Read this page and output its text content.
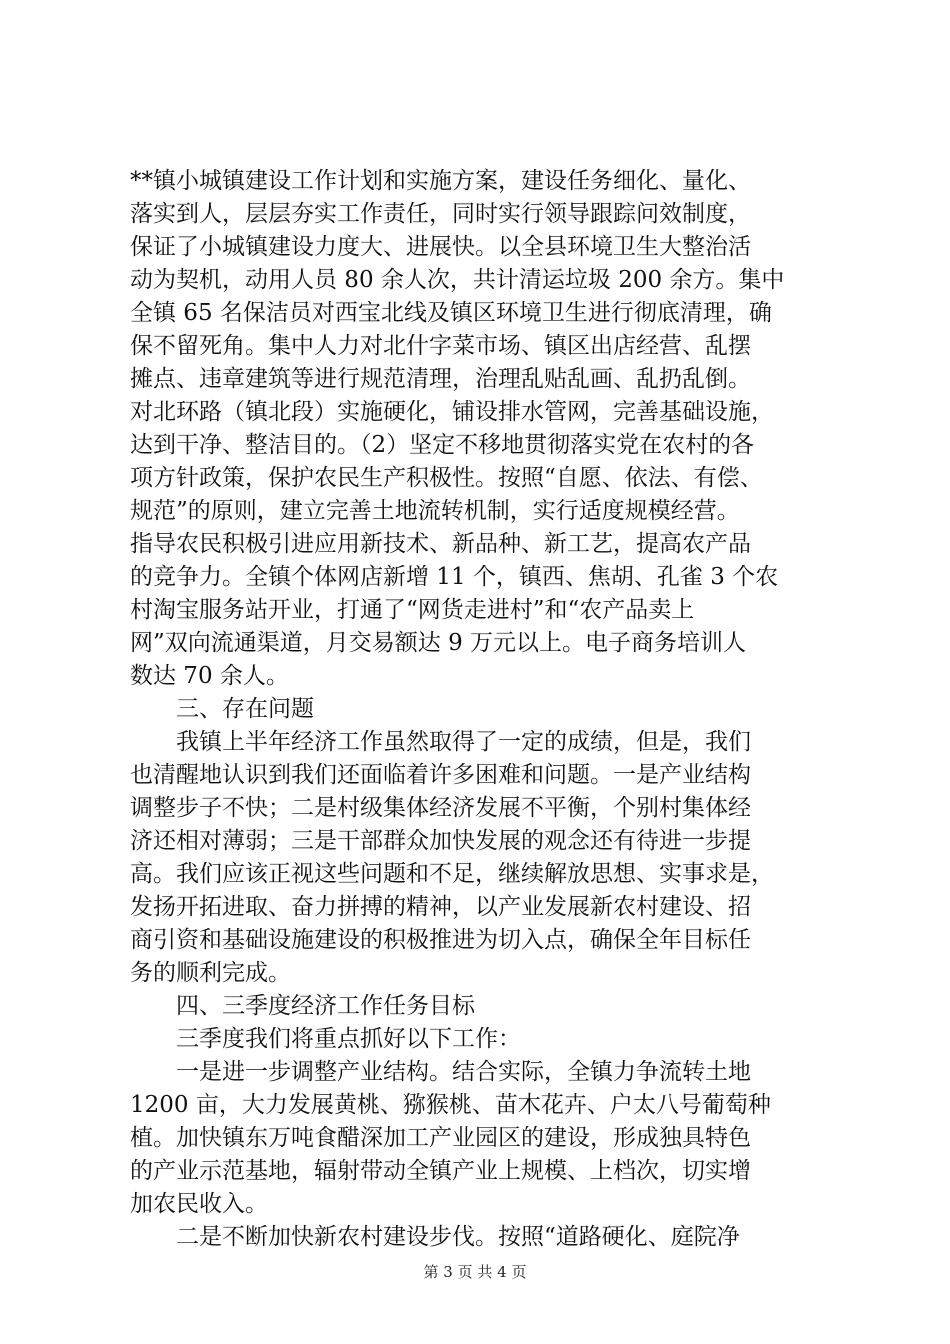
**镇小城镇建设工作计划和实施方案，建设任务细化、量化、
落实到人，层层夯实工作责任，同时实行领导跟踪问效制度，
保证了小城镇建设力度大、进展快。以全县环境卫生大整治活
动为契机，动用人员 80 余人次，共计清运垃圾 200 余方。集中
全镇 65 名保洁员对西宝北线及镇区环境卫生进行彻底清理，确
保不留死角。集中人力对北什字菜市场、镇区出店经营、乱摆
摊点、违章建筑等进行规范清理，治理乱贴乱画、乱扔乱倒。
对北环路（镇北段）实施硬化，铺设排水管网，完善基础设施，
达到干净、整洁目的。（2）坚定不移地贯彻落实党在农村的各
项方针政策，保护农民生产积极性。按照“自愿、依法、有偿、
规范”的原则，建立完善土地流转机制，实行适度规模经营。
指导农民积极引进应用新技术、新品种、新工艺，提高农产品
的竞争力。全镇个体网店新增 11 个，镇西、焦胡、孔雀 3 个农
村淘宝服务站开业，打通了“网货走进村”和“农产品卖上
网”双向流通渠道，月交易额达 9 万元以上。电子商务培训人
数达 70 余人。
　　三、存在问题
　　我镇上半年经济工作虽然取得了一定的成绩，但是，我们
也清醒地认识到我们还面临着许多困难和问题。一是产业结构
调整步子不快；二是村级集体经济发展不平衡，个别村集体经
济还相对薄弱；三是干部群众加快发展的观念还有待进一步提
高。我们应该正视这些问题和不足，继续解放思想、实事求是，
发扬开拓进取、奋力拼搏的精神，以产业发展新农村建设、招
商引资和基础设施建设的积极推进为切入点，确保全年目标任
务的顺利完成。
　　四、三季度经济工作任务目标
　　三季度我们将重点抓好以下工作：
　　一是进一步调整产业结构。结合实际，全镇力争流转土地
1200 亩，大力发展黄桃、猕猴桃、苗木花卉、户太八号葡萄种
植。加快镇东万吨食醋深加工产业园区的建设，形成独具特色
的产业示范基地，辐射带动全镇产业上规模、上档次，切实增
加农民收入。
　　二是不断加快新农村建设步伐。按照“道路硬化、庭院净
第 3 页 共 4 页
